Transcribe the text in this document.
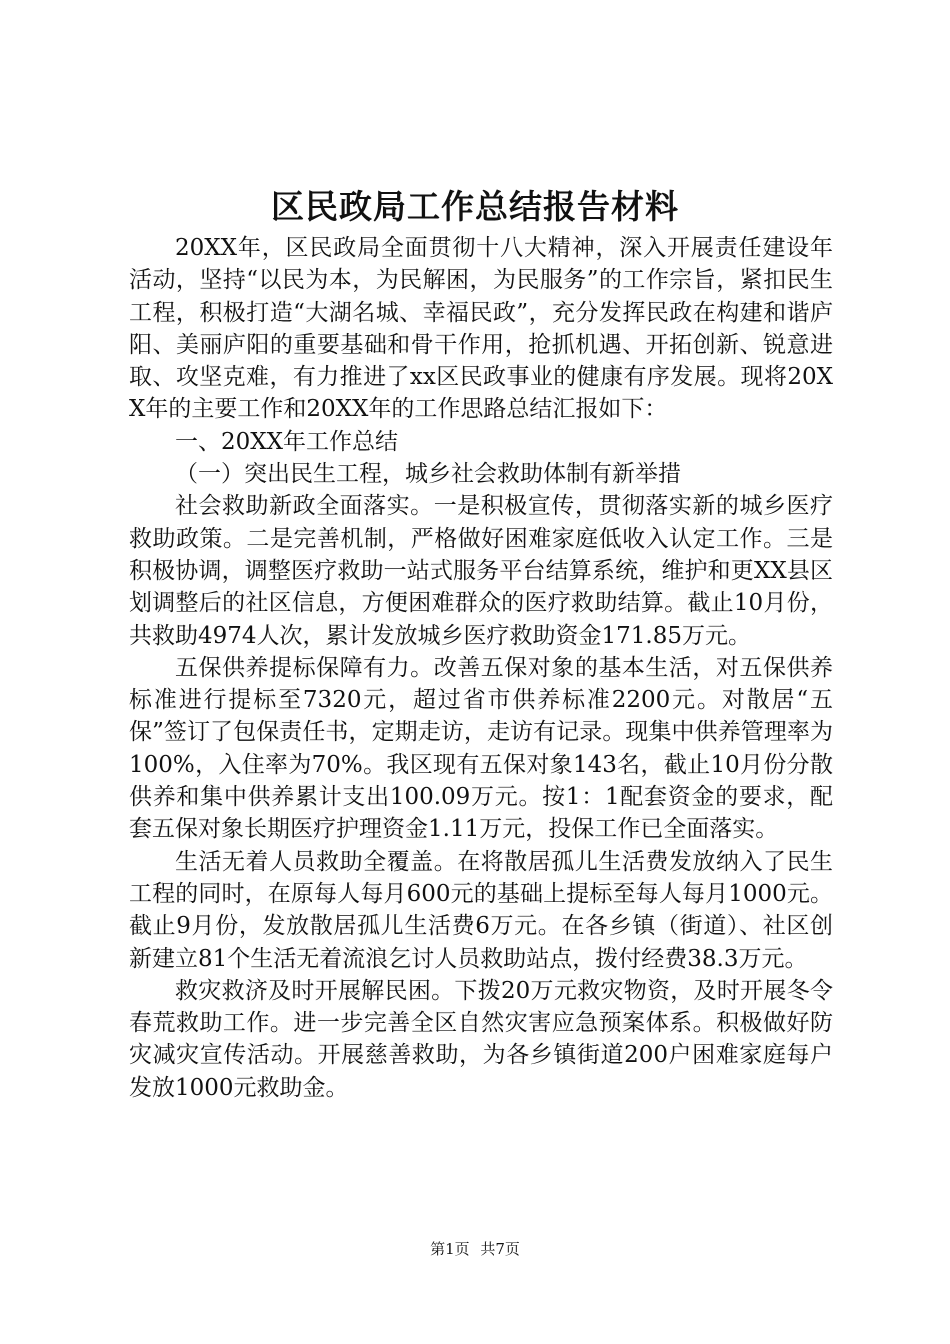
区民政局工作总结报告材料

20XX年，区民政局全面贯彻十八大精神，深入开展责任建设年活动，坚持“以民为本，为民解困，为民服务”的工作宗旨，紧扣民生工程，积极打造“大湖名城、幸福民政”，充分发挥民政在构建和谐庐阳、美丽庐阳的重要基础和骨干作用，抢抓机遇、开拓创新、锐意进取、攻坚克难，有力推进了xx区民政事业的健康有序发展。现将20XX年的主要工作和20XX年的工作思路总结汇报如下：

一、20XX年工作总结

（一）突出民生工程，城乡社会救助体制有新举措

社会救助新政全面落实。一是积极宣传，贯彻落实新的城乡医疗救助政策。二是完善机制，严格做好困难家庭低收入认定工作。三是积极协调，调整医疗救助一站式服务平台结算系统，维护和更XX县区划调整后的社区信息，方便困难群众的医疗救助结算。截止10月份，共救助4974人次，累计发放城乡医疗救助资金171.85万元。

五保供养提标保障有力。改善五保对象的基本生活，对五保供养标准进行提标至7320元，超过省市供养标准2200元。对散居“五保”签订了包保责任书，定期走访，走访有记录。现集中供养管理率为100%，入住率为70%。我区现有五保对象143名，截止10月份分散供养和集中供养累计支出100.09万元。按1：1配套资金的要求，配套五保对象长期医疗护理资金1.11万元，投保工作已全面落实。

生活无着人员救助全覆盖。在将散居孤儿生活费发放纳入了民生工程的同时，在原每人每月600元的基础上提标至每人每月1000元。截止9月份，发放散居孤儿生活费6万元。在各乡镇（街道）、社区创新建立81个生活无着流浪乞讨人员救助站点，拨付经费38.3万元。

救灾救济及时开展解民困。下拨20万元救灾物资，及时开展冬令春荒救助工作。进一步完善全区自然灾害应急预案体系。积极做好防灾减灾宣传活动。开展慈善救助，为各乡镇街道200户困难家庭每户发放1000元救助金。

第1页 共7页
